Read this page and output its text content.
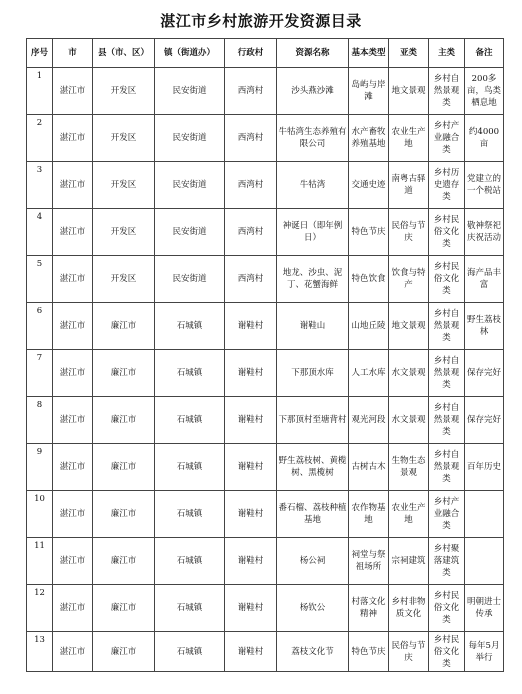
湛江市乡村旅游开发资源目录
序号	市	县（市、区）	镇（街道办）	行政村	资源名称	基本类型	亚类	主类	备注
1	湛江市	开发区	民安街道	西湾村	沙头燕沙滩	岛屿与岸滩	地文景观	乡村自然景观类	200多亩，鸟类栖息地
2	湛江市	开发区	民安街道	西湾村	牛牯湾生态养殖有限公司	水产畜牧养殖基地	农业生产地	乡村产业融合类	约4000亩
3	湛江市	开发区	民安街道	西湾村	牛牯湾	交通史迹	南粤古驿道	乡村历史遗存类	党建立的一个税站
4	湛江市	开发区	民安街道	西湾村	神诞日（即年例日）	特色节庆	民俗与节庆	乡村民俗文化类	敬神祭祀庆祝活动
5	湛江市	开发区	民安街道	西湾村	地龙、沙虫、泥丁、花蟹海鲜	特色饮食	饮食与特产	乡村民俗文化类	海产品丰富
6	湛江市	廉江市	石城镇	谢鞋村	谢鞋山	山地丘陵	地文景观	乡村自然景观类	野生荔枝林
7	湛江市	廉江市	石城镇	谢鞋村	下那顶水库	人工水库	水文景观	乡村自然景观类	保存完好
8	湛江市	廉江市	石城镇	谢鞋村	下那顶村至塘背村	观光河段	水文景观	乡村自然景观类	保存完好
9	湛江市	廉江市	石城镇	谢鞋村	野生荔枝树、黄榄树、黑榄树	古树古木	生物生态景观	乡村自然景观类	百年历史
10	湛江市	廉江市	石城镇	谢鞋村	番石榴、荔枝种植基地	农作物基地	农业生产地	乡村产业融合类	
11	湛江市	廉江市	石城镇	谢鞋村	杨公祠	祠堂与祭祖场所	宗祠建筑	乡村聚落建筑类	
12	湛江市	廉江市	石城镇	谢鞋村	杨钦公	村落文化精神	乡村非物质文化	乡村民俗文化类	明朝进士传承
13	湛江市	廉江市	石城镇	谢鞋村	荔枝文化节	特色节庆	民俗与节庆	乡村民俗文化类	每年5月举行
